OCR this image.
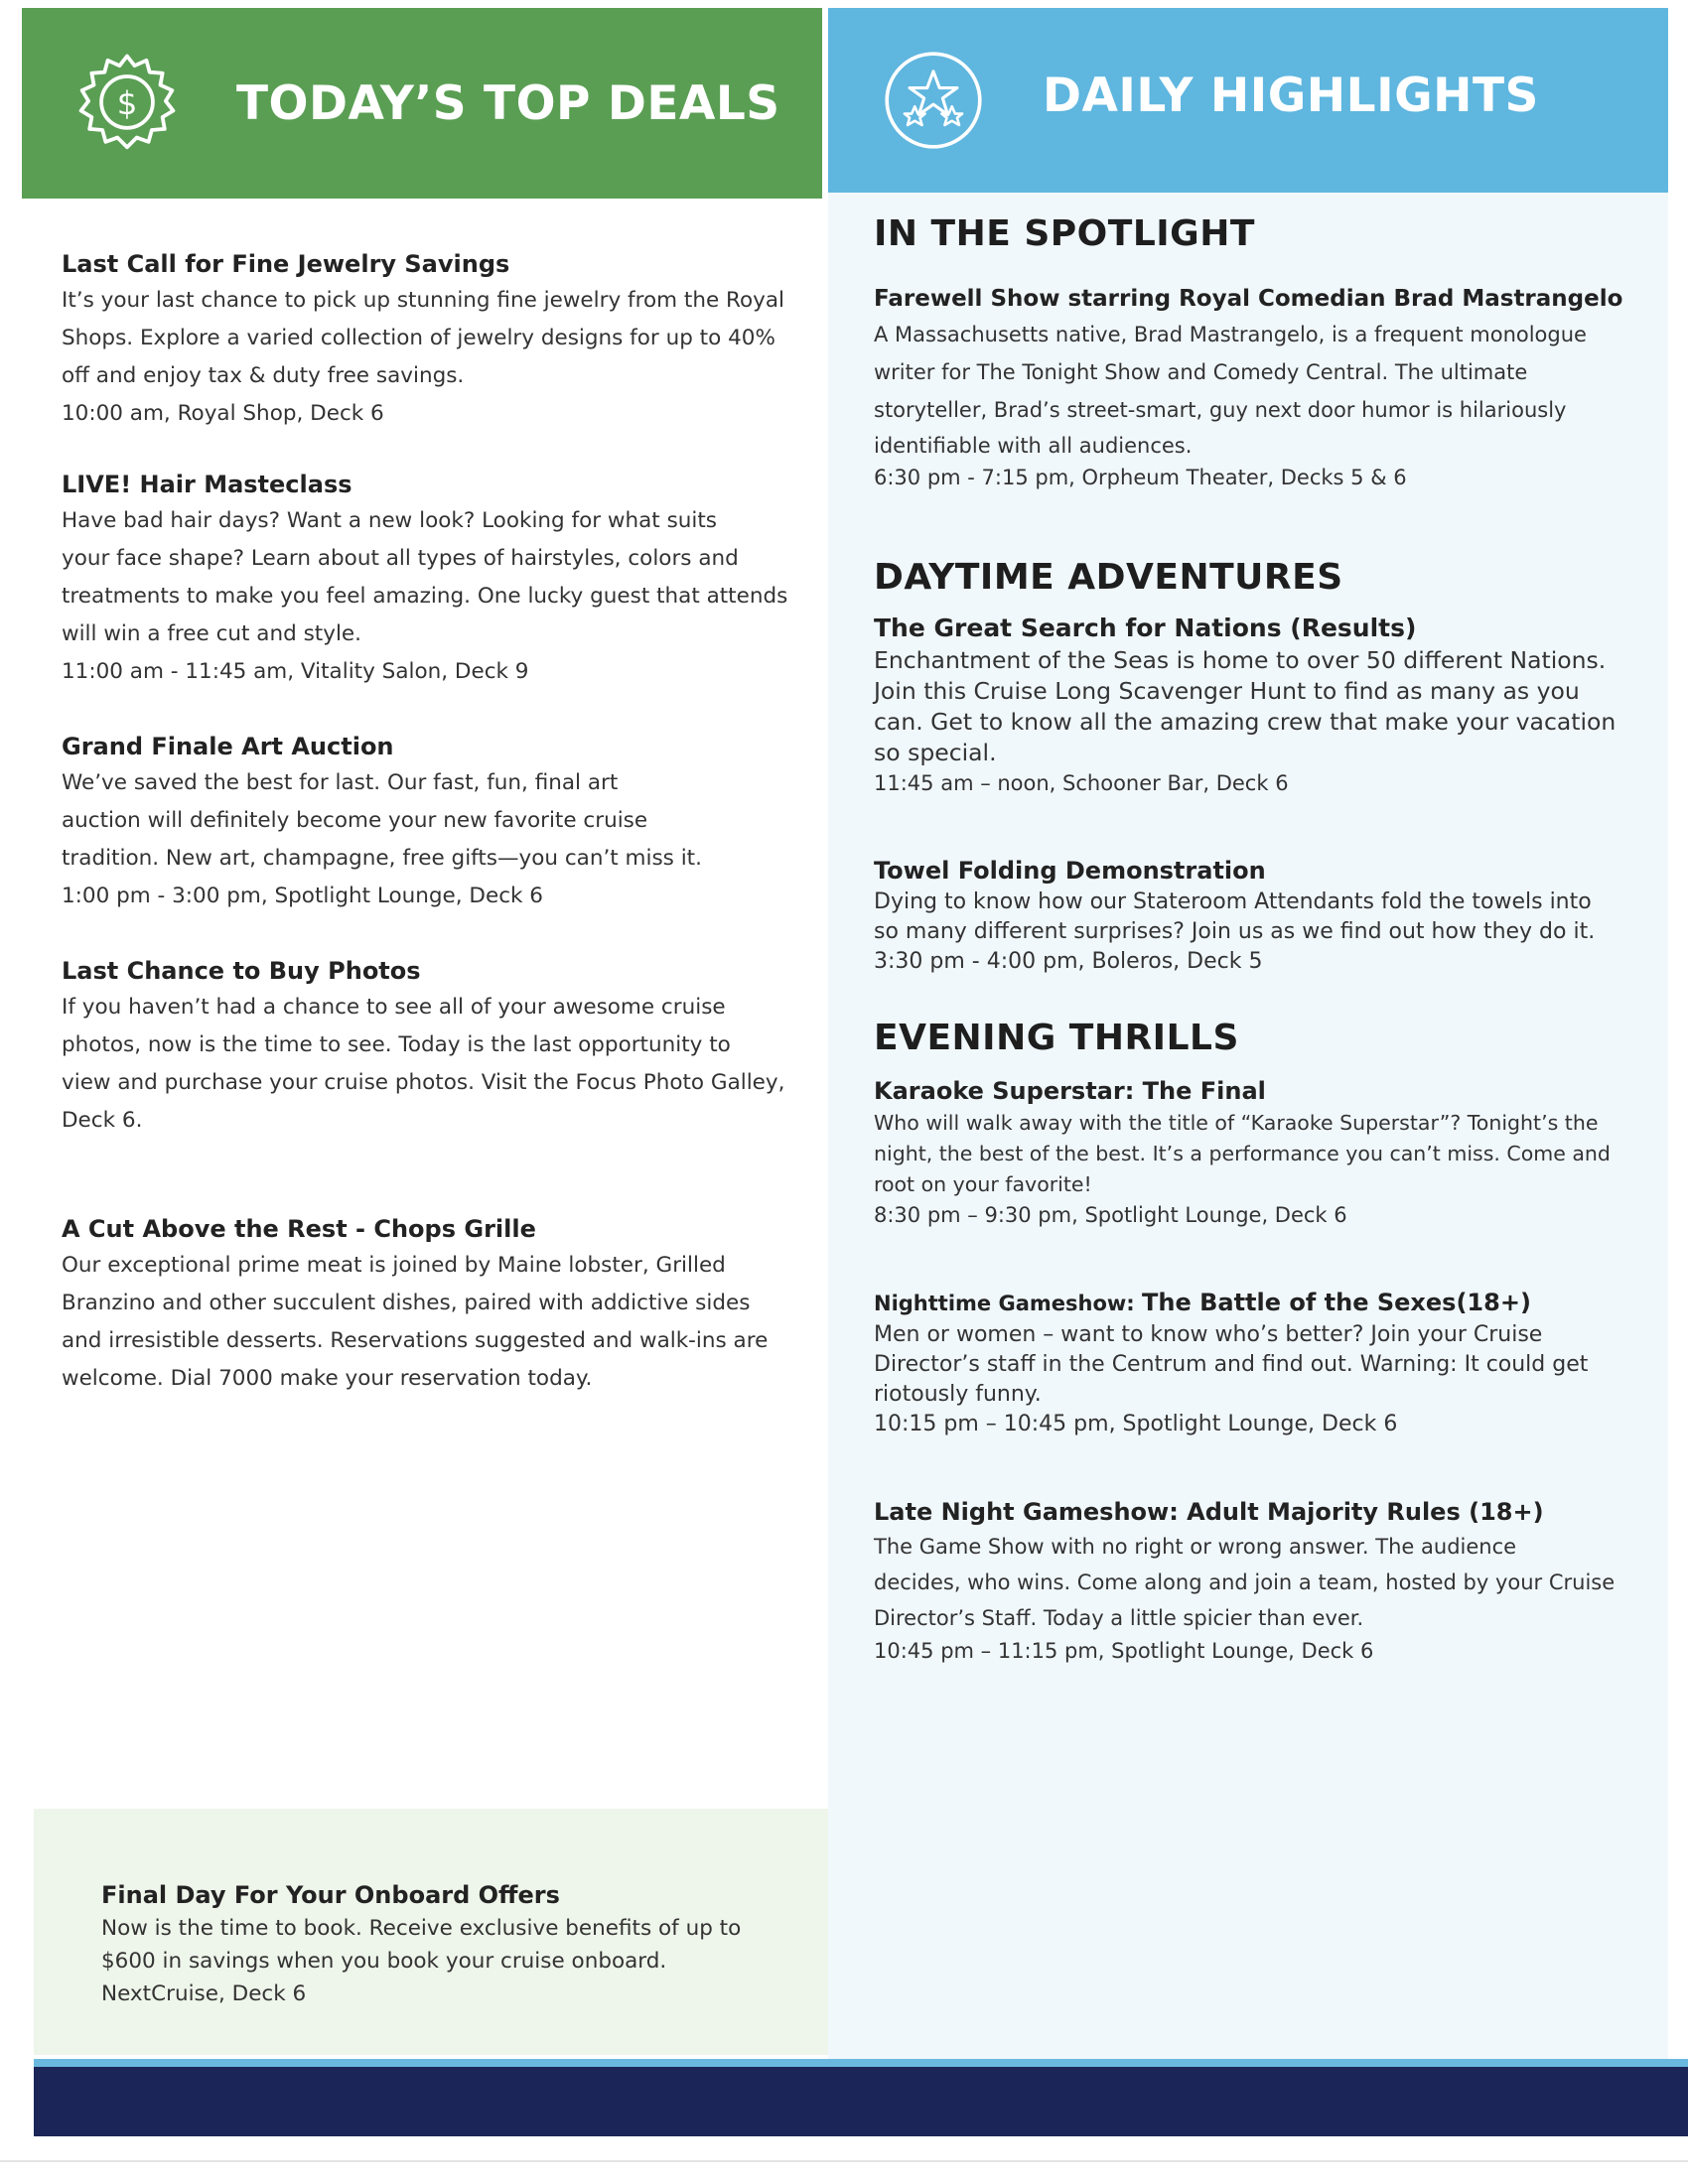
$ TODAY’S TOP DEALS	DAILY HIGHLIGHTS
Last Call for Fine Jewelry Savings
It’s your last chance to pick up stunning fine jewelry from the Royal
Shops. Explore a varied collection of jewelry designs for up to 40%
off and enjoy tax & duty free savings.
10:00 am, Royal Shop, Deck 6
LIVE! Hair Masteclass
Have bad hair days? Want a new look? Looking for what suits
your face shape? Learn about all types of hairstyles, colors and
treatments to make you feel amazing. One lucky guest that attends
will win a free cut and style.
11:00 am - 11:45 am, Vitality Salon, Deck 9
Grand Finale Art Auction
We’ve saved the best for last. Our fast, fun, final art
auction will definitely become your new favorite cruise
tradition. New art, champagne, free gifts—you can’t miss it.
1:00 pm - 3:00 pm, Spotlight Lounge, Deck 6
Last Chance to Buy Photos
If you haven’t had a chance to see all of your awesome cruise
photos, now is the time to see. Today is the last opportunity to
view and purchase your cruise photos. Visit the Focus Photo Galley,
Deck 6.
A Cut Above the Rest - Chops Grille
Our exceptional prime meat is joined by Maine lobster, Grilled
Branzino and other succulent dishes, paired with addictive sides
and irresistible desserts. Reservations suggested and walk-ins are
welcome. Dial 7000 make your reservation today.
IN THE SPOTLIGHT
Farewell Show starring Royal Comedian Brad Mastrangelo
A Massachusetts native, Brad Mastrangelo, is a frequent monologue
writer for The Tonight Show and Comedy Central. The ultimate
storyteller, Brad’s street-smart, guy next door humor is hilariously
identifiable with all audiences.
6:30 pm - 7:15 pm, Orpheum Theater, Decks 5 & 6
DAYTIME ADVENTURES
The Great Search for Nations (Results)
Enchantment of the Seas is home to over 50 different Nations.
Join this Cruise Long Scavenger Hunt to find as many as you
can. Get to know all the amazing crew that make your vacation
so special.
11:45 am – noon, Schooner Bar, Deck 6
Towel Folding Demonstration
Dying to know how our Stateroom Attendants fold the towels into
so many different surprises? Join us as we find out how they do it.
3:30 pm - 4:00 pm, Boleros, Deck 5
EVENING THRILLS
Karaoke Superstar: The Final
Who will walk away with the title of “Karaoke Superstar”? Tonight’s the
night, the best of the best. It’s a performance you can’t miss. Come and
root on your favorite!
8:30 pm – 9:30 pm, Spotlight Lounge, Deck 6
Nighttime Gameshow: The Battle of the Sexes(18+)
Men or women – want to know who’s better? Join your Cruise
Director’s staff in the Centrum and find out. Warning: It could get
riotously funny.
10:15 pm – 10:45 pm, Spotlight Lounge, Deck 6
Late Night Gameshow: Adult Majority Rules (18+)
The Game Show with no right or wrong answer. The audience
decides, who wins. Come along and join a team, hosted by your Cruise
Director’s Staff. Today a little spicier than ever.
10:45 pm – 11:15 pm, Spotlight Lounge, Deck 6
Final Day For Your Onboard Offers
Now is the time to book. Receive exclusive benefits of up to
$600 in savings when you book your cruise onboard.
NextCruise, Deck 6
